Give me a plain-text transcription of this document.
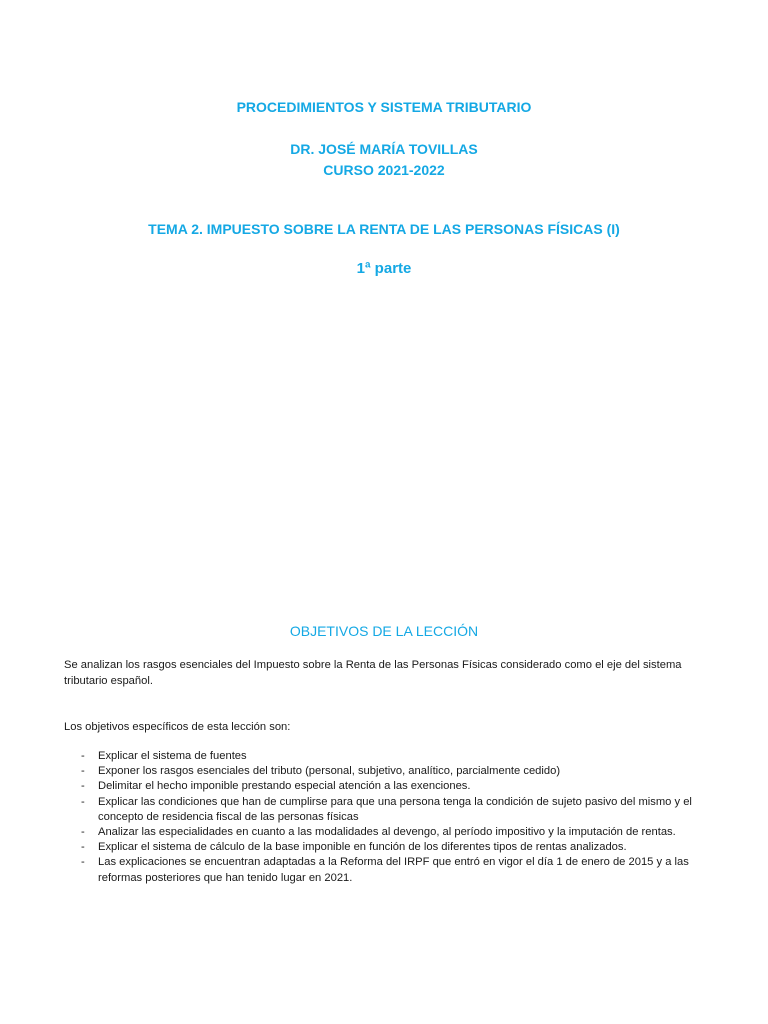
PROCEDIMIENTOS Y SISTEMA TRIBUTARIO
DR. JOSÉ MARÍA TOVILLAS
CURSO 2021-2022
TEMA 2. IMPUESTO SOBRE LA RENTA DE LAS PERSONAS FÍSICAS (I)
1ª parte
OBJETIVOS DE LA LECCIÓN
Se analizan los rasgos esenciales del Impuesto sobre la Renta de las Personas Físicas considerado como el eje del sistema tributario español.
Los objetivos específicos de esta lección son:
- Explicar el sistema de fuentes
- Exponer los rasgos esenciales del tributo (personal, subjetivo, analítico, parcialmente cedido)
- Delimitar el hecho imponible prestando especial atención a las exenciones.
- Explicar las condiciones que han de cumplirse para que una persona tenga la condición de sujeto pasivo del mismo y el concepto de residencia fiscal de las personas físicas
- Analizar las especialidades en cuanto a las modalidades al devengo, al período impositivo y la imputación de rentas.
- Explicar el sistema de cálculo de la base imponible en función de los diferentes tipos de rentas analizados.
- Las explicaciones se encuentran adaptadas a la Reforma del IRPF que entró en vigor el día 1 de enero de 2015 y a las reformas posteriores que han tenido lugar en 2021.
